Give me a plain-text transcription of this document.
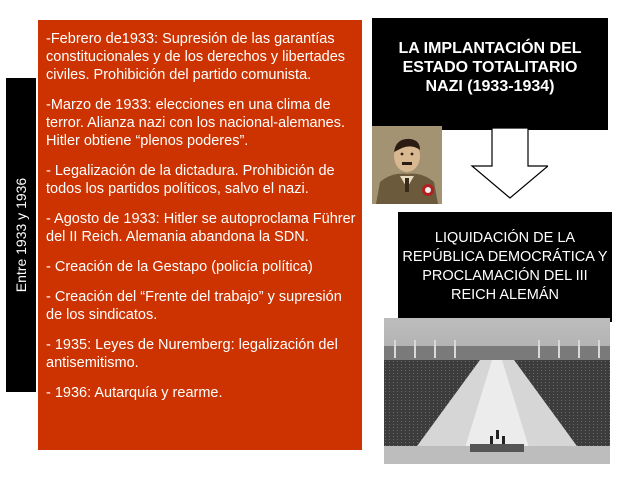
Entre 1933 y 1936

-Febrero de1933: Supresión de las garantías constitucionales y de los derechos y libertades civiles. Prohibición del partido comunista.

-Marzo de 1933: elecciones en una clima de terror. Alianza nazi con los nacional-alemanes. Hitler obtiene “plenos poderes”.

- Legalización de la dictadura. Prohibición de todos los partidos políticos, salvo el nazi.

- Agosto de 1933: Hitler se autoproclama Führer del II Reich. Alemania abandona la SDN.

- Creación de la Gestapo (policía política)

- Creación del “Frente del trabajo” y supresión de los sindicatos.

- 1935: Leyes de Nuremberg: legalización del antisemitismo.

- 1936: Autarquía y rearme.

LA IMPLANTACIÓN DEL ESTADO TOTALITARIO NAZI (1933-1934)
LIQUIDACIÓN DE LA REPÚBLICA DEMOCRÁTICA Y PROCLAMACIÓN DEL III REICH ALEMÁN
